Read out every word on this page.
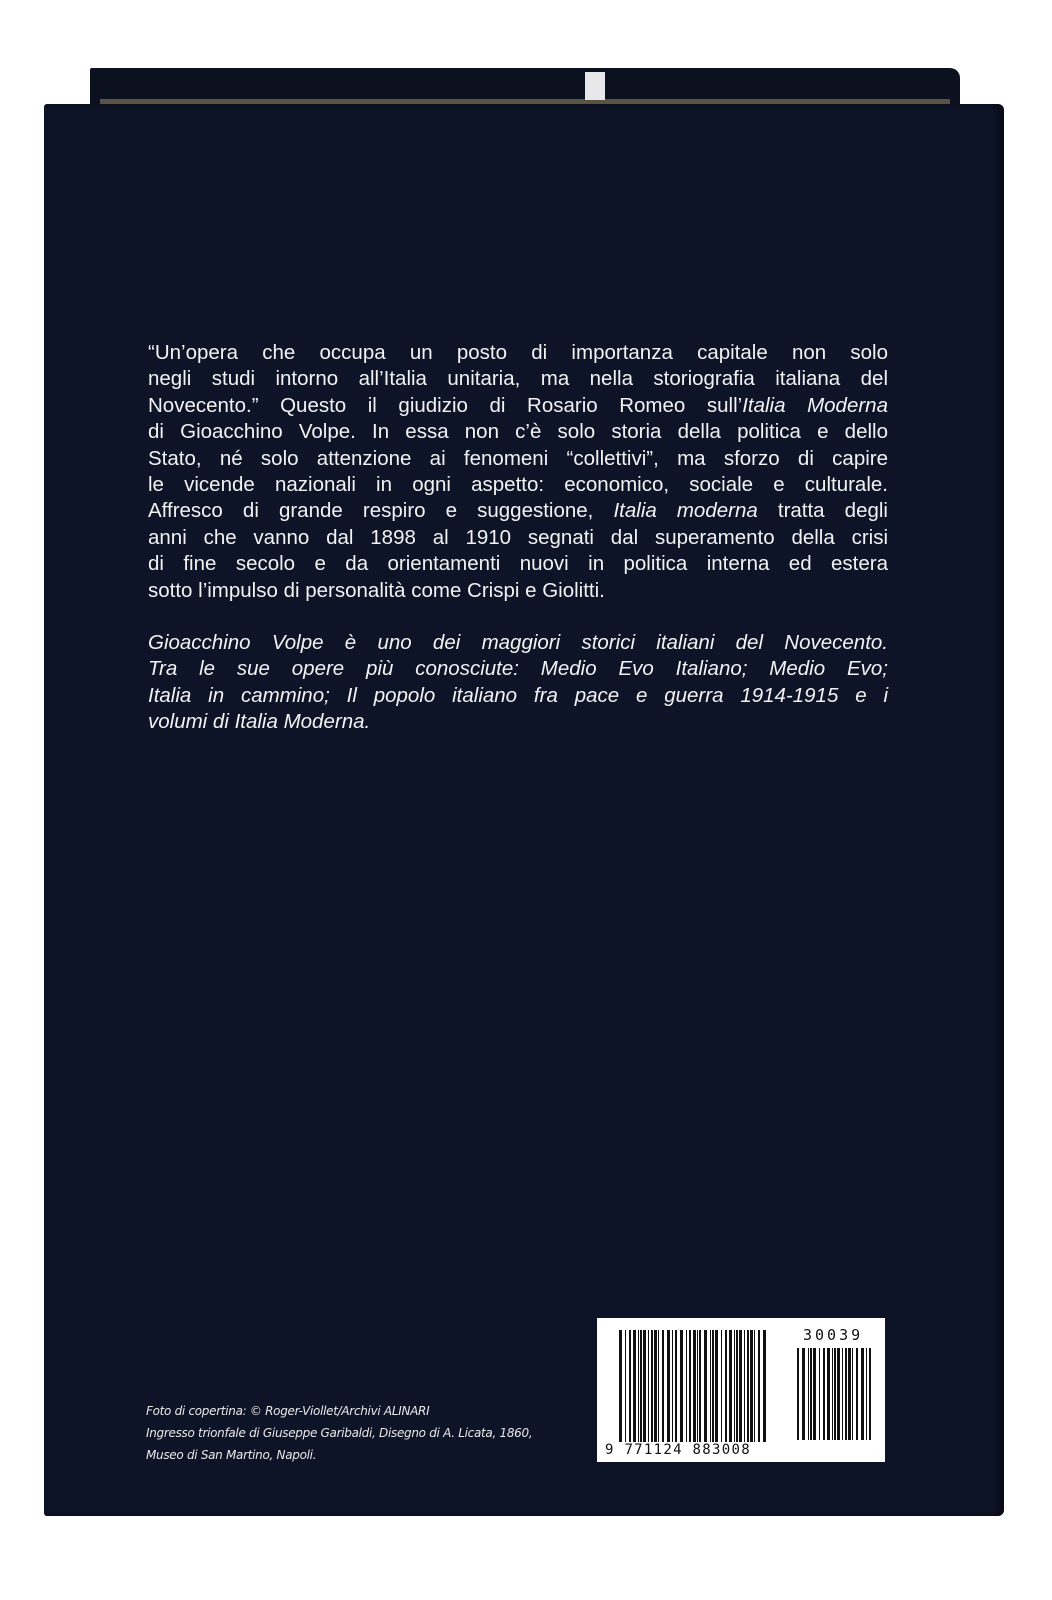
“Un’opera che occupa un posto di importanza capitale non solo
negli studi intorno all’Italia unitaria, ma nella storiografia italiana del
Novecento.” Questo il giudizio di Rosario Romeo sull’Italia Moderna
di Gioacchino Volpe. In essa non c’è solo storia della politica e dello
Stato, né solo attenzione ai fenomeni “collettivi”, ma sforzo di capire
le vicende nazionali in ogni aspetto: economico, sociale e culturale.
Affresco di grande respiro e suggestione, Italia moderna tratta degli
anni che vanno dal 1898 al 1910 segnati dal superamento della crisi
di fine secolo e da orientamenti nuovi in politica interna ed estera
sotto l’impulso di personalità come Crispi e Giolitti.
Gioacchino Volpe è uno dei maggiori storici italiani del Novecento.
Tra le sue opere più conosciute: Medio Evo Italiano; Medio Evo;
Italia in cammino; Il popolo italiano fra pace e guerra 1914-1915 e i
volumi di Italia Moderna.
Foto di copertina: © Roger-Viollet/Archivi ALINARI
Ingresso trionfale di Giuseppe Garibaldi, Disegno di A. Licata, 1860,
Museo di San Martino, Napoli.
30039
9 771124 883008
